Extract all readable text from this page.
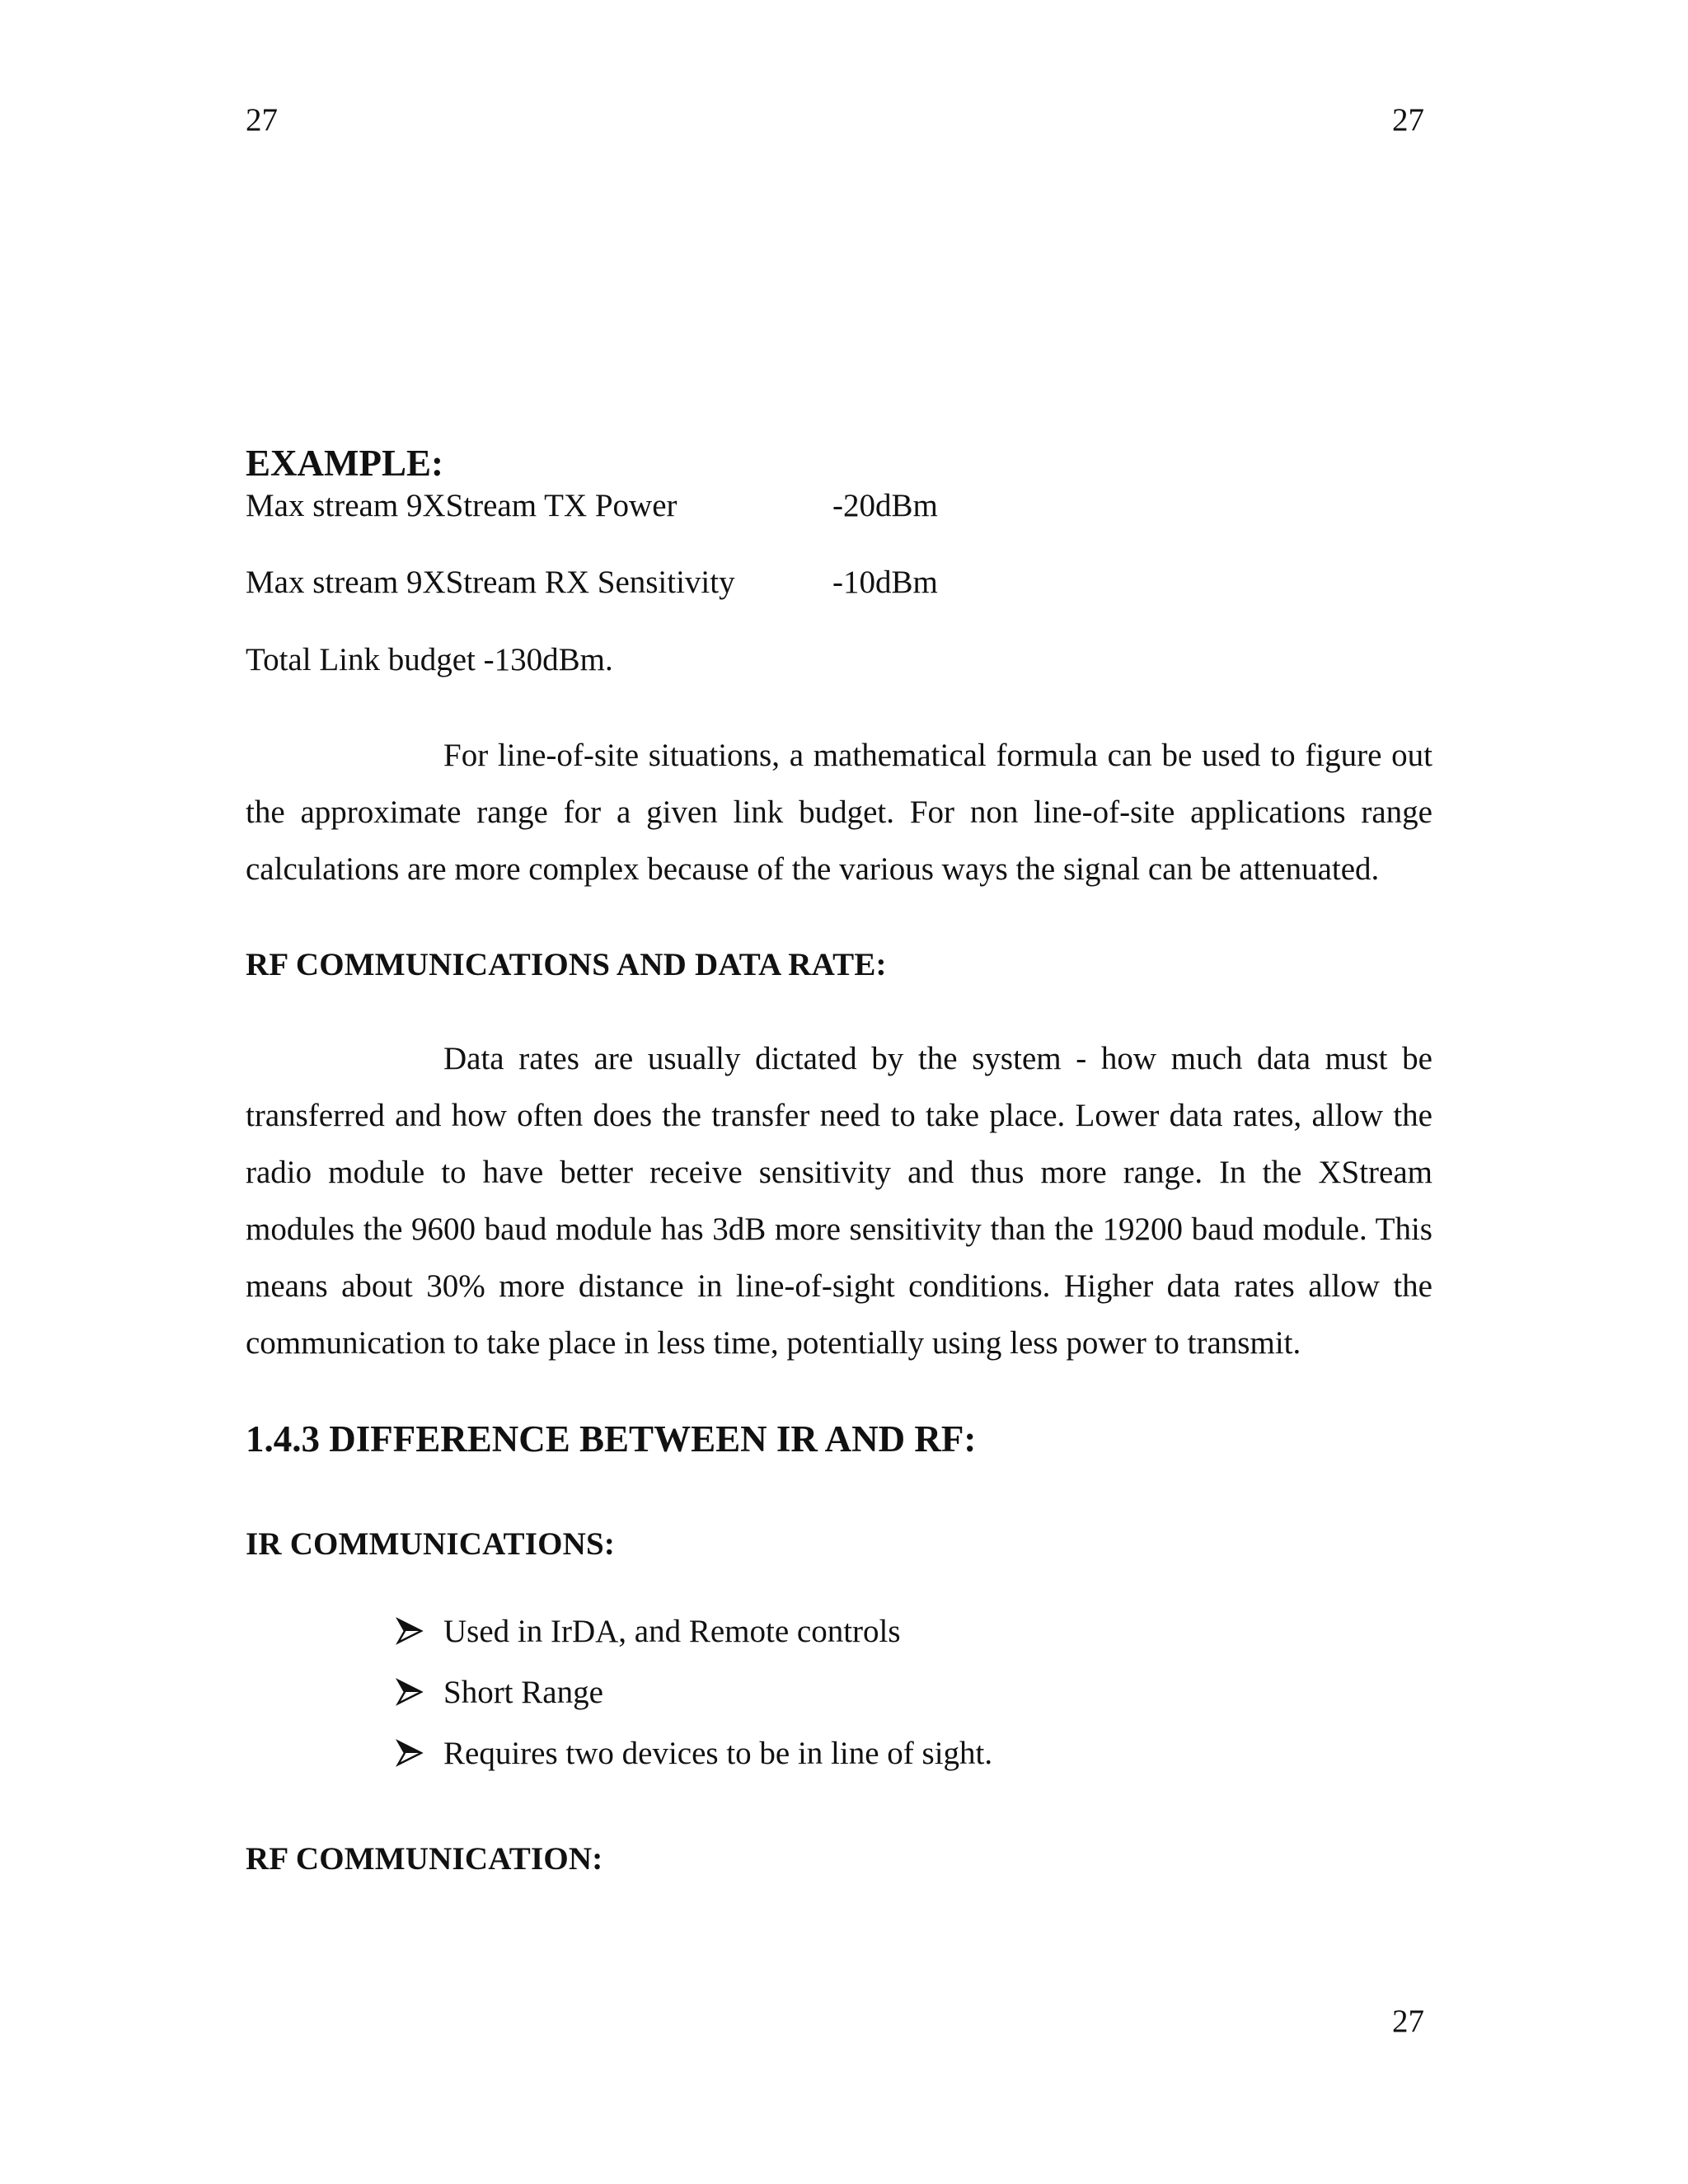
27	27
EXAMPLE:
Max stream 9XStream TX Power	-20dBm
Max stream 9XStream RX Sensitivity	-10dBm
Total Link budget -130dBm.

For line-of-site situations, a mathematical formula can be used to figure out the approximate range for a given link budget. For non line-of-site applications range calculations are more complex because of the various ways the signal can be attenuated.

RF COMMUNICATIONS AND DATA RATE:

Data rates are usually dictated by the system - how much data must be transferred and how often does the transfer need to take place. Lower data rates, allow the radio module to have better receive sensitivity and thus more range. In the XStream modules the 9600 baud module has 3dB more sensitivity than the 19200 baud module. This means about 30% more distance in line-of-sight conditions. Higher data rates allow the communication to take place in less time, potentially using less power to transmit.

1.4.3 DIFFERENCE BETWEEN IR AND RF:
IR COMMUNICATIONS:
Used in IrDA, and Remote controls
Short Range
Requires two devices to be in line of sight.
RF COMMUNICATION:
27
